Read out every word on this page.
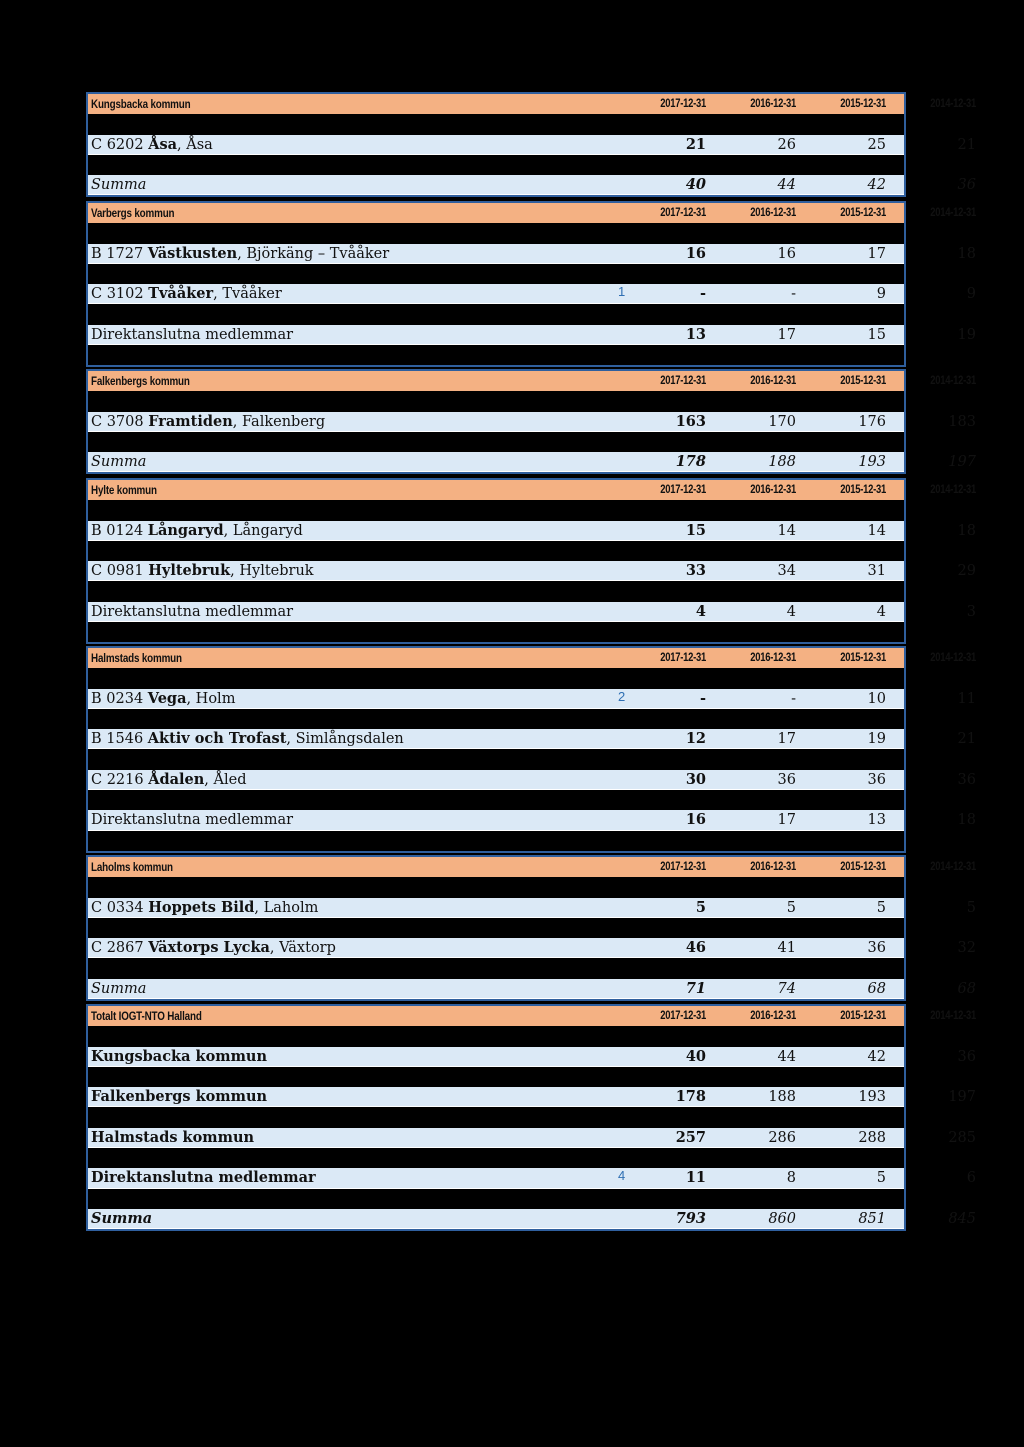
Kungsbacka kommun	2017-12-31	2016-12-31	2015-12-31	2014-12-31
C 6202 Åsa, Åsa	21	26	25	21
Summa	40	44	42	36
Varbergs kommun	2017-12-31	2016-12-31	2015-12-31	2014-12-31
B 1727 Västkusten, Björkäng – Tvååker	16	16	17	18
C 3102 Tvååker, Tvååker	1	-	-	9	9
Direktanslutna medlemmar	13	17	15	19
Falkenbergs kommun	2017-12-31	2016-12-31	2015-12-31	2014-12-31
C 3708 Framtiden, Falkenberg	163	170	176	183
Summa	178	188	193	197
Hylte kommun	2017-12-31	2016-12-31	2015-12-31	2014-12-31
B 0124 Långaryd, Långaryd	15	14	14	18
C 0981 Hyltebruk, Hyltebruk	33	34	31	29
Direktanslutna medlemmar	4	4	4	3
Halmstads kommun	2017-12-31	2016-12-31	2015-12-31	2014-12-31
B 0234 Vega, Holm	2	-	-	10	11
B 1546 Aktiv och Trofast, Simlångsdalen	12	17	19	21
C 2216 Ådalen, Åled	30	36	36	36
Direktanslutna medlemmar	16	17	13	18
Laholms kommun	2017-12-31	2016-12-31	2015-12-31	2014-12-31
C 0334 Hoppets Bild, Laholm	5	5	5	5
C 2867 Växtorps Lycka, Växtorp	46	41	36	32
Summa	71	74	68	68
Totalt IOGT-NTO Halland	2017-12-31	2016-12-31	2015-12-31	2014-12-31
Kungsbacka kommun	40	44	42	36
Falkenbergs kommun	178	188	193	197
Halmstads kommun	257	286	288	285
Direktanslutna medlemmar	4	11	8	5	6
Summa	793	860	851	845
